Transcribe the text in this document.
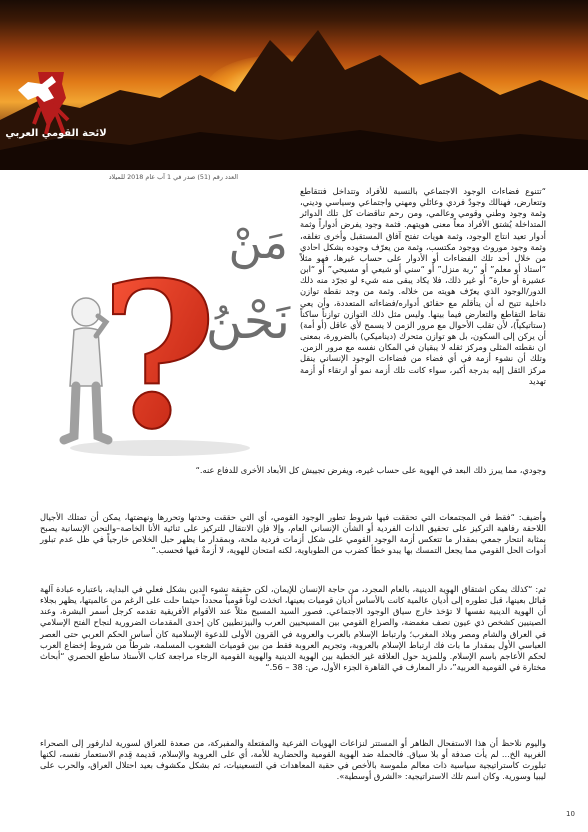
لائحة القومي العربي
العدد رقم (51) صدر في 1 آب عام 2018 للميلاد
? مَنْ
نَحْنُ
“تتنوع فضاءات الوجود الاجتماعي بالنسبة للأفراد وتتداخل فتتقاطع وتتعارض، فهنالك وجودٌ فردي وعائلي ومهني واجتماعي وسياسي وديني، وثمة وجود وطني وقومي وعالمي، ومن رحم تناقضات كل تلك الدوائر المتداخلة يُشتق الأفراد معاً معنى هويتهم. فثمة وجود يفرض أدواراً وثمة أدوار تعيد انتاج الوجود، وثمة هويات تفتح آفاق المستقبل وأخرى تغلقه، وثمة وجود موروث ووجود مكتسب، وثمة من يعرّف وجوده بشكل احادي من خلال أحد تلك الفضاءات أو الأدوار على حساب غيرها، فهو مثلاً “استاذ أو معلم” أو “ربة منزل” أو “سني أو شيعي أو مسيحي” أو “ابن عشيرة أو حارة” أو غير ذلك، فلا يكاد يبقى منه شيء لو تجرّد منه ذلك الدور/الوجود الذي يعرّف هويته من خلاله. وثمة من وجد نقطة توازن داخلية تتيح له أن يتأقلم مع حقائق أدواره/فضاءاته المتعددة، وأن يعي نقاط التقاطع والتعارض فيما بينها. وليس مثل ذلك التوازن توازناً ساكناً (ستاتيكياً)، لأن تقلب الأحوال مع مرور الزمن لا يسمح لأي عاقل (أو أمة) أن يركن إلى السكون، بل هو توازن متحرك (ديناميكي) بالضرورة، بمعنى ان نقطته المثلى ومركز ثقله لا يبقيان في المكان نفسه مع مرور الزمن. وتلك أن نشوء أزمة في أي فضاء من فضاءات الوجود الإنساني ينقل مركز الثقل إليه بدرجة أكبر، سواء كانت تلك أزمة نمو أو ارتقاء أو أزمة تهديد
وجودي، مما يبرز ذلك البعد في الهوية على حساب غيره، ويفرض تجييش كل الأبعاد الأخرى للدفاع عنه.“
وأضيف: “فقط في المجتمعات التي تحققت فيها شروط تطور الوجود القومي، أي التي حققت وحدتها وتحررها ونهضتها، يمكن أن تمتلك الأجيال اللاحقة رفاهية التركيز على تحقيق الذات الفردية أو الشأن الإنساني العام، وإلا فإن الانتقال للتركيز على ثنائية الأنا الخاصة–والنحن الإنسانية يصبح بمثابة انتحار جمعي بمقدار ما تتعكس أزمة الوجود القومي على شكل أزمات فردية ملحة، وبمقدار ما يظهر حبل الخلاص خارجياً في ظل عدم تبلور أدوات الحل القومي مما يجعل التمسك بها يبدو خطأ كضرب من الطوباوية، لكنه امتحان للهوية، لا أزمةٌ فيها فحسب.“
ثم: “كذلك يمكن اشتقاق الهوية الدينية، بالعام المجرد، من حاجة الإنسان للإيمان، لكن حقيقة نشوء الدين بشكل فعلي في البداية، باعتباره عبادة آلهة قبائل بعينها، قبل تطوره إلى أديان عالمية كانت بالأساس أديان قوميات بعينها، اتخذت لوناً قومياً محدداً حيثما حلت على الرغم من عالميتها، يظهر بجلاء أن الهوية الدينية نفسها لا تؤخذ خارج سياق الوجود الاجتماعي. فصور السيد المسيح مثلاً عند الأقوام الأفريقية تقدمه كرجل أسمر البشرة، وعند الصينيين كشخص ذي عيون نصف مغمضة، والصراع القومي بين المسيحيين العرب والبيزنطيين كان إحدى المقدمات الضرورية لنجاح الفتح الإسلامي في العراق والشام ومصر وبلاد المغرب؛ وارتباط الإسلام بالعرب والعروبة في القرون الأولى للدعوة الإسلامية كان أساس الحكم العربي حتى العصر العباسي الأول بمقدار ما بات فك ارتباط الإسلام بالعروبة، وتجريم العروبة فقط من بين قوميات الشعوب المسلمة، شرطاً من شروط إخضاع العرب لحكم الأعاجم باسم الإسلام. وللمزيد حول العلاقة غير الخطية بين الهوية الدينية والهوية القومية الرجاء مراجعة كتاب الأستاذ ساطع الحصري “أبحاث مختارة في القومية العربية”، دار المعارف في القاهرة الجزء الأول، ص: 38 – 56.“
واليوم نلاحظ أن هذا الاستفحال الظاهر أو المستتر لنزاعات الهويات الفرعية والمفتعلة والمفبركة، من صعدة للعراق لسورية لدارفور إلى الصحراء الغربية الخ... لم يأت صدفة أو بلا سياق. فالحملة ضد الهوية القومية والحضارية للأمة، أي على العروبة والإسلام، قديمة قِدم الاستعمار نفسه، لكنها تبلورت كاستراتيجية سياسية ذات معالم ملموسة بالأخص في حقبة المعاهدات في التسعينيات، ثم بشكل مكشوف بعيد احتلال العراق، والحرب على ليبيا وسورية. وكان اسم تلك الاستراتيجية: «الشرق أوسطية».
10
